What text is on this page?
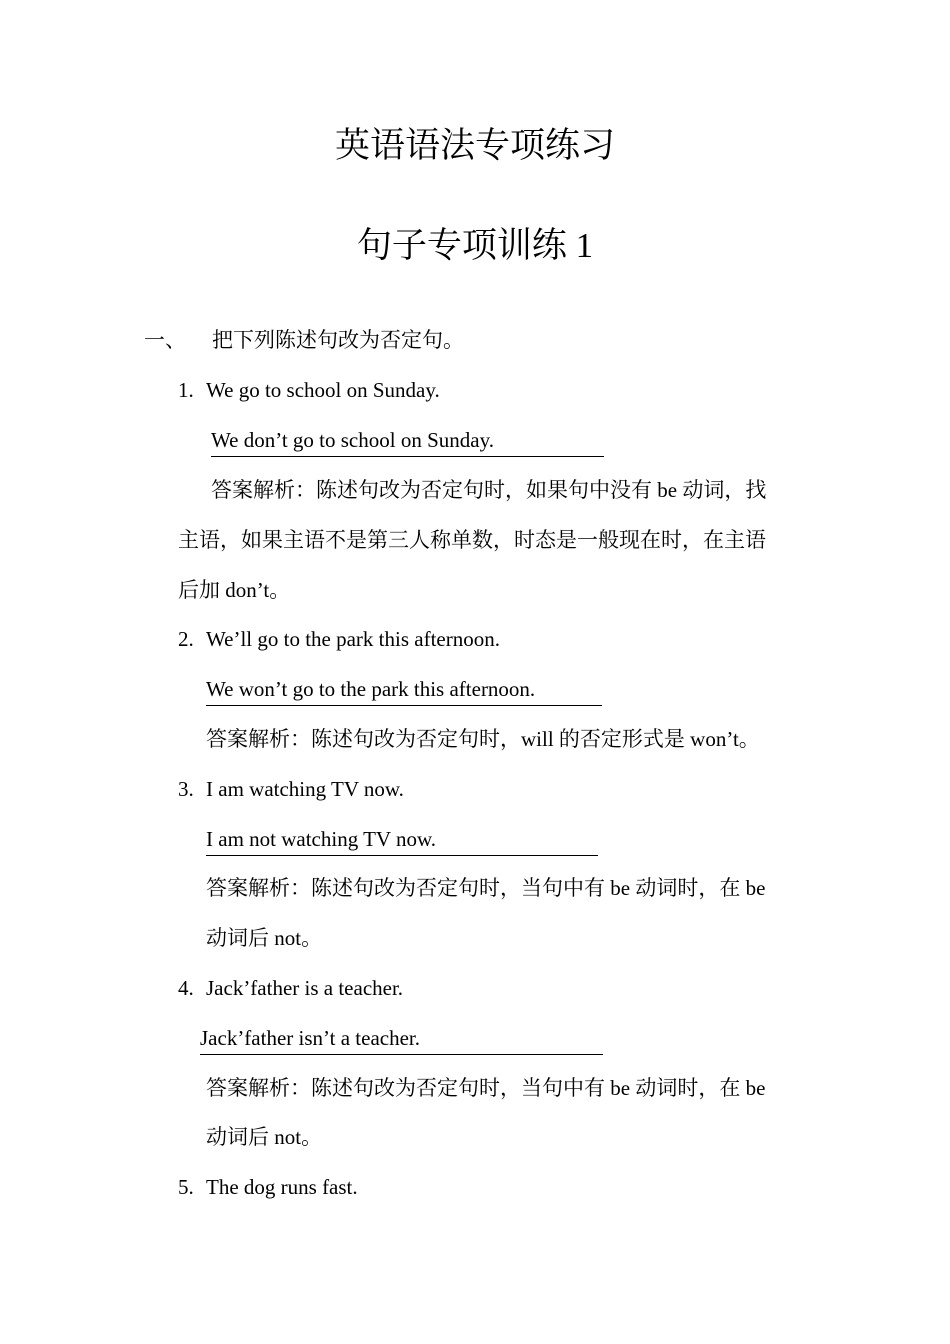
英语语法专项练习
句子专项训练 1
一、 把下列陈述句改为否定句。
1. We go to school on Sunday.
We don’t go to school on Sunday.
答案解析：陈述句改为否定句时，如果句中没有 be 动词，找
主语，如果主语不是第三人称单数，时态是一般现在时，在主语
后加 don’t。
2. We’ll go to the park this afternoon.
We won’t go to the park this afternoon.
答案解析：陈述句改为否定句时，will 的否定形式是 won’t。
3. I am watching TV now.
I am not watching TV now.
答案解析：陈述句改为否定句时，当句中有 be 动词时，在 be
动词后 not。
4. Jack’father is a teacher.
Jack’father isn’t a teacher.
答案解析：陈述句改为否定句时，当句中有 be 动词时，在 be
动词后 not。
5. The dog runs fast.
